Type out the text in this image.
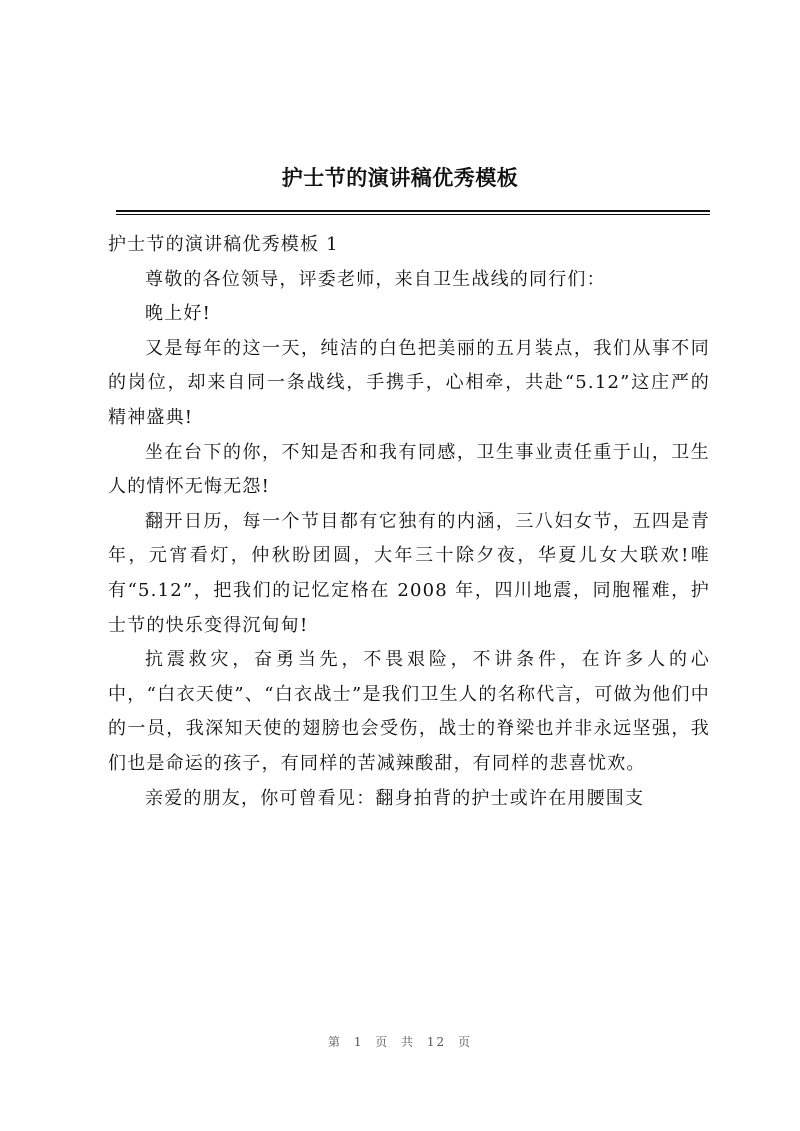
护士节的演讲稿优秀模板

护士节的演讲稿优秀模板 1

尊敬的各位领导，评委老师，来自卫生战线的同行们：

晚上好!

又是每年的这一天，纯洁的白色把美丽的五月装点，我们从事不同的岗位，却来自同一条战线，手携手，心相牵，共赴“5.12”这庄严的精神盛典!

坐在台下的你，不知是否和我有同感，卫生事业责任重于山，卫生人的情怀无悔无怨!

翻开日历，每一个节目都有它独有的内涵，三八妇女节，五四是青年，元宵看灯，仲秋盼团圆，大年三十除夕夜，华夏儿女大联欢!唯有“5.12”，把我们的记忆定格在 2008 年，四川地震，同胞罹难，护士节的快乐变得沉甸甸!

抗震救灾，奋勇当先，不畏艰险，不讲条件，在许多人的心中，“白衣天使”、“白衣战士”是我们卫生人的名称代言，可做为他们中的一员，我深知天使的翅膀也会受伤，战士的脊梁也并非永远坚强，我们也是命运的孩子，有同样的苦减辣酸甜，有同样的悲喜忧欢。

亲爱的朋友，你可曾看见：翻身拍背的护士或许在用腰围支

第 1 页 共 12 页
